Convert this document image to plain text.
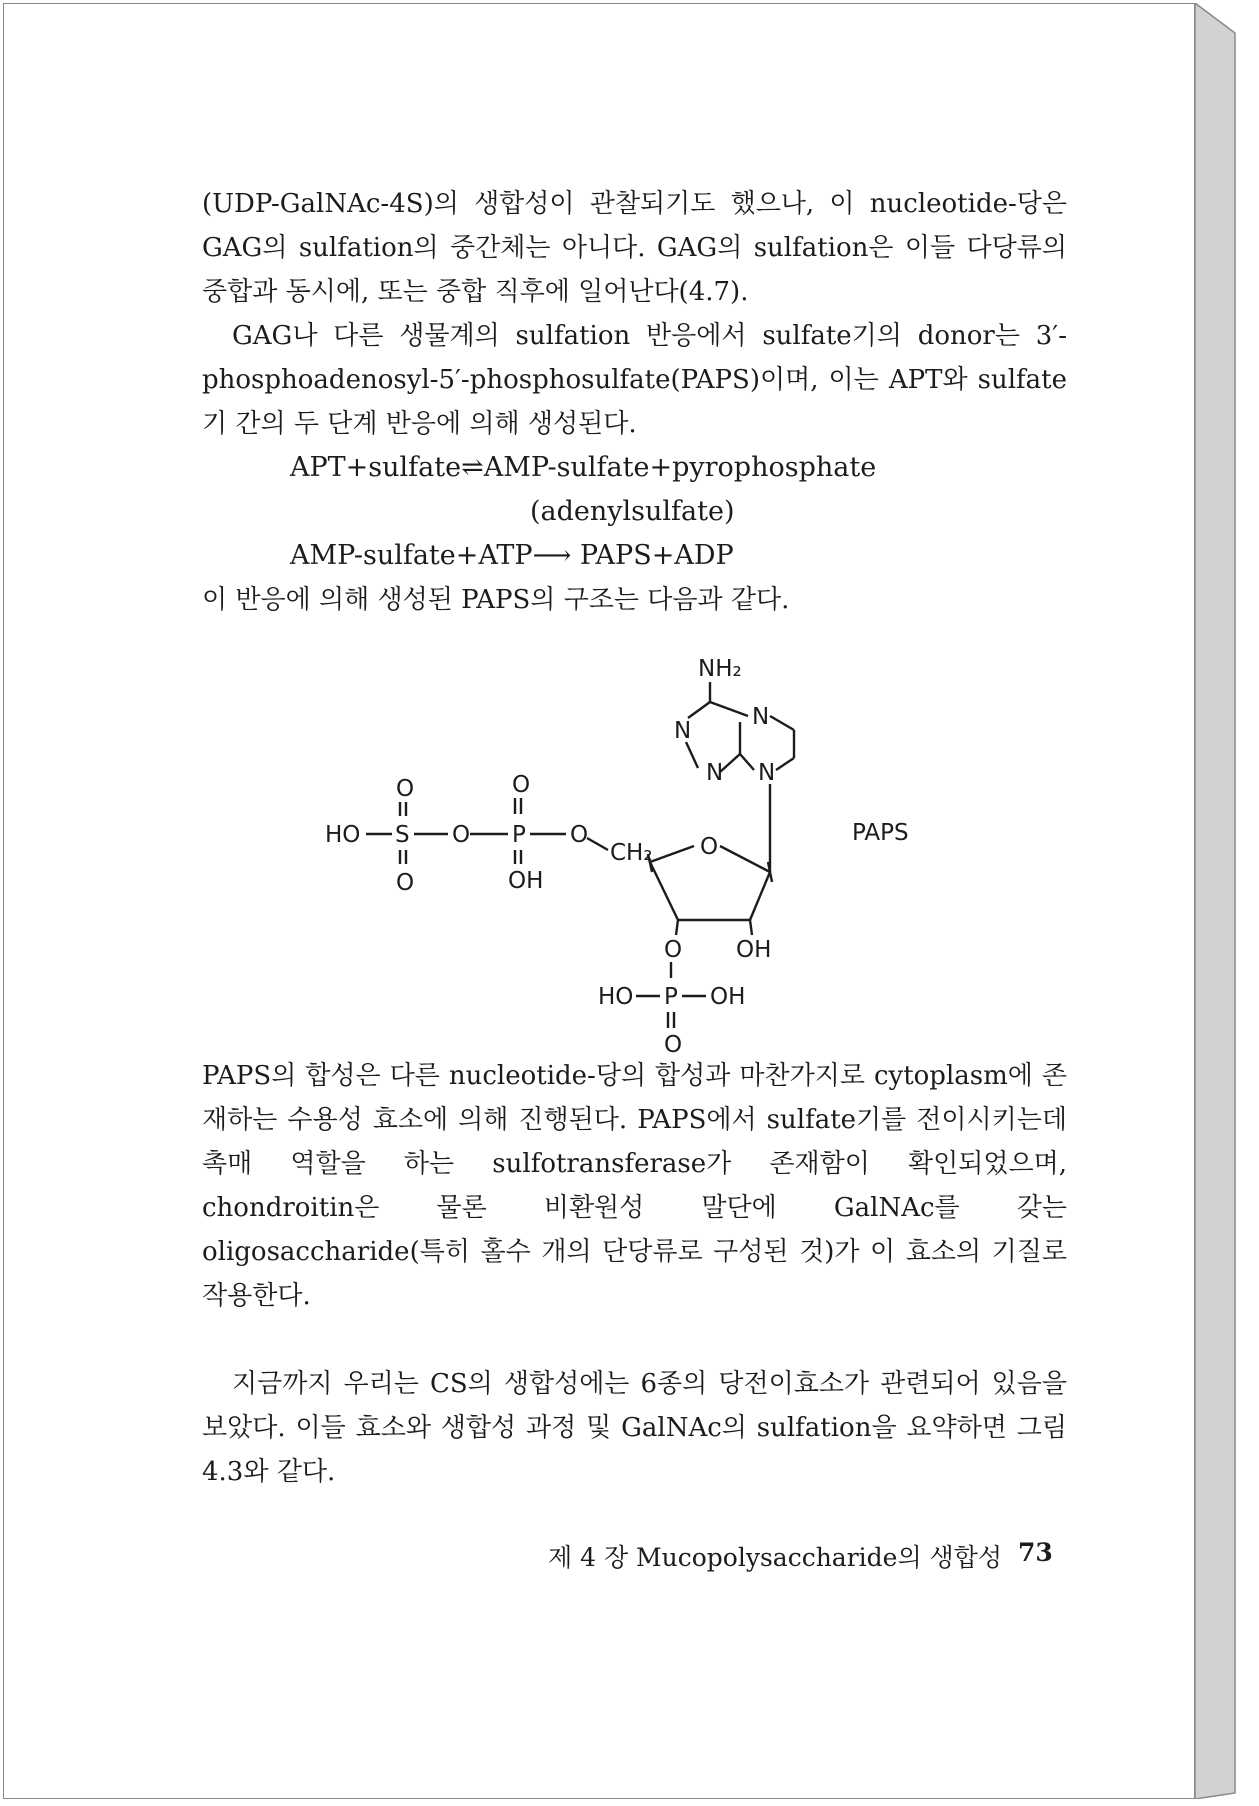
(UDP-GalNAc-4S)의 생합성이 관찰되기도 했으나, 이 nucleotide-당은 GAG의 sulfation의 중간체는 아니다. GAG의 sulfation은 이들 다당류의 중합과 동시에, 또는 중합 직후에 일어난다(4.7).

GAG나 다른 생물계의 sulfation 반응에서 sulfate기의 donor는 3′-phosphoadenosyl-5′-phosphosulfate(PAPS)이며, 이는 APT와 sulfate기 간의 두 단계 반응에 의해 생성된다.

APT+sulfate⇌AMP-sulfate+pyrophosphate
(adenylsulfate)
AMP-sulfate+ATP⟶ PAPS+ADP

이 반응에 의해 생성된 PAPS의 구조는 다음과 같다.

NH₂
N
N
N N
PAPS
HO S O P O
CH₂ O
O
O
O
OH
O OH
HO P OH
O

PAPS의 합성은 다른 nucleotide-당의 합성과 마찬가지로 cytoplasm에 존재하는 수용성 효소에 의해 진행된다. PAPS에서 sulfate기를 전이시키는데 촉매 역할을 하는 sulfotransferase가 존재함이 확인되었으며, chondroitin은 물론 비환원성 말단에 GalNAc를 갖는 oligosaccharide(특히 홀수 개의 단당류로 구성된 것)가 이 효소의 기질로 작용한다.

지금까지 우리는 CS의 생합성에는 6종의 당전이효소가 관련되어 있음을 보았다. 이들 효소와 생합성 과정 및 GalNAc의 sulfation을 요약하면 그림 4.3와 같다.

제 4 장 Mucopolysaccharide의 생합성 73
